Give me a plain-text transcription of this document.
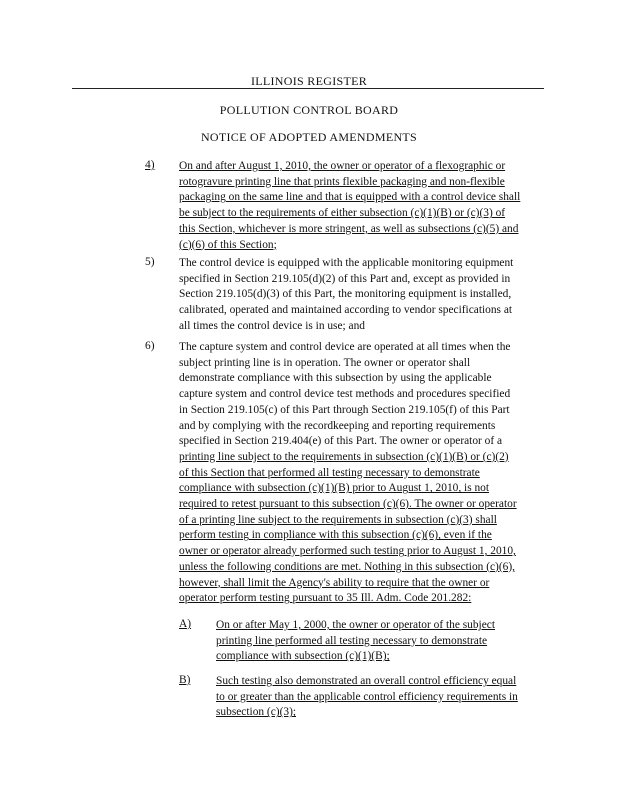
ILLINOIS REGISTER
POLLUTION CONTROL BOARD
NOTICE OF ADOPTED AMENDMENTS
4) On and after August 1, 2010, the owner or operator of a flexographic or
rotogravure printing line that prints flexible packaging and non-flexible
packaging on the same line and that is equipped with a control device shall
be subject to the requirements of either subsection (c)(1)(B) or (c)(3) of
this Section, whichever is more stringent, as well as subsections (c)(5) and
(c)(6) of this Section;
5) The control device is equipped with the applicable monitoring equipment
specified in Section 219.105(d)(2) of this Part and, except as provided in
Section 219.105(d)(3) of this Part, the monitoring equipment is installed,
calibrated, operated and maintained according to vendor specifications at
all times the control device is in use; and
6) The capture system and control device are operated at all times when the
subject printing line is in operation. The owner or operator shall
demonstrate compliance with this subsection by using the applicable
capture system and control device test methods and procedures specified
in Section 219.105(c) of this Part through Section 219.105(f) of this Part
and by complying with the recordkeeping and reporting requirements
specified in Section 219.404(e) of this Part. The owner or operator of a
printing line subject to the requirements in subsection (c)(1)(B) or (c)(2)
of this Section that performed all testing necessary to demonstrate
compliance with subsection (c)(1)(B) prior to August 1, 2010, is not
required to retest pursuant to this subsection (c)(6). The owner or operator
of a printing line subject to the requirements in subsection (c)(3) shall
perform testing in compliance with this subsection (c)(6), even if the
owner or operator already performed such testing prior to August 1, 2010,
unless the following conditions are met. Nothing in this subsection (c)(6),
however, shall limit the Agency's ability to require that the owner or
operator perform testing pursuant to 35 Ill. Adm. Code 201.282:
A) On or after May 1, 2000, the owner or operator of the subject
printing line performed all testing necessary to demonstrate
compliance with subsection (c)(1)(B);
B) Such testing also demonstrated an overall control efficiency equal
to or greater than the applicable control efficiency requirements in
subsection (c)(3);
